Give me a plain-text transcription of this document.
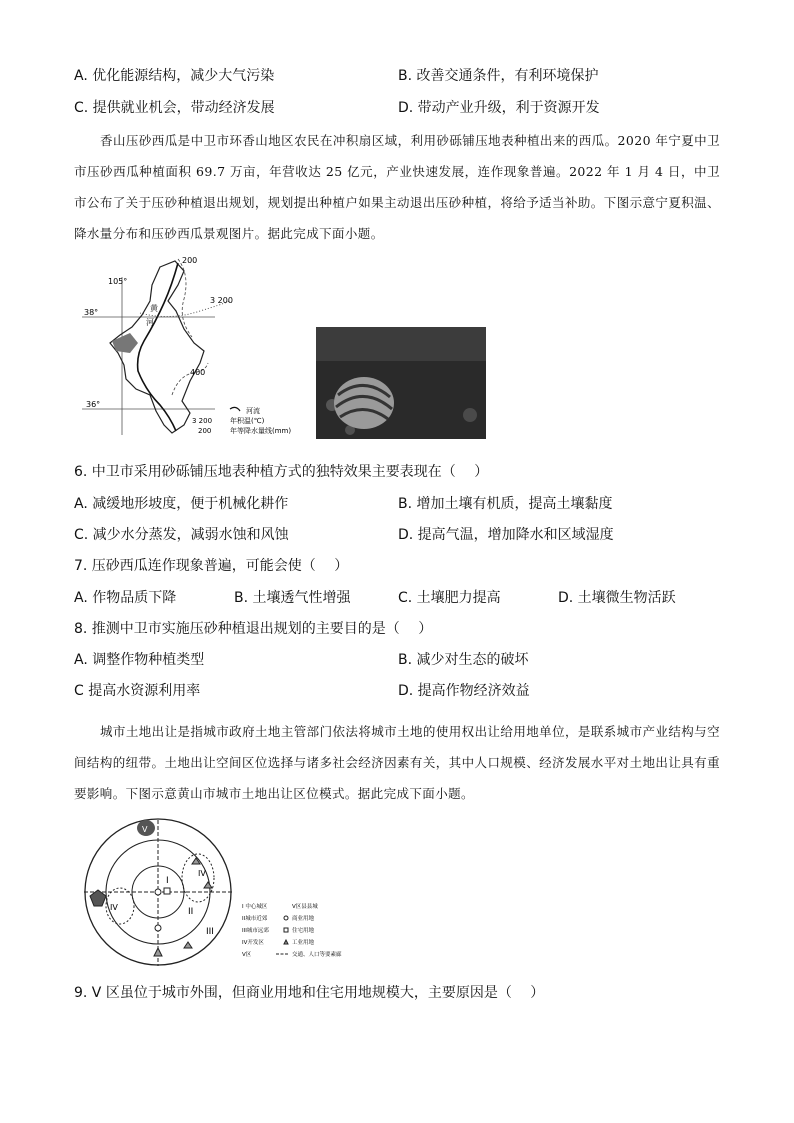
A. 优化能源结构，减少大气污染	B. 改善交通条件，有利环境保护
C. 提供就业机会，带动经济发展	D. 带动产业升级，利于资源开发

香山压砂西瓜是中卫市环香山地区农民在冲积扇区域，利用砂砾铺压地表种植出来的西瓜。2020 年宁夏中卫市压砂西瓜种植面积 69.7 万亩，年营收达 25 亿元，产业快速发展，连作现象普遍。2022 年 1 月 4 日，中卫市公布了关于压砂种植退出规划，规划提出种植户如果主动退出压砂种植，将给予适当补助。下图示意宁夏积温、降水量分布和压砂西瓜景观图片。据此完成下面小题。

105°
38°
36°
200
3 200
400
黄
河
河流
3 200	年积温(℃)
200	年等降水量线(mm)
6. 中卫市采用砂砾铺压地表种植方式的独特效果主要表现在（　 ）
A. 减缓地形坡度，便于机械化耕作	B. 增加土壤有机质，提高土壤黏度
C. 减少水分蒸发，减弱水蚀和风蚀	D. 提高气温，增加降水和区域湿度
7. 压砂西瓜连作现象普遍，可能会使（　 ）
A. 作物品质下降	B. 土壤透气性增强	C. 土壤肥力提高	D. 土壤微生物活跃
8. 推测中卫市实施压砂种植退出规划的主要目的是（　 ）
A. 调整作物种植类型	B. 减少对生态的破坏
C 提高水资源利用率	D. 提高作物经济效益

城市土地出让是指城市政府土地主管部门依法将城市土地的使用权出让给用地单位，是联系城市产业结构与空间结构的纽带。土地出让空间区位选择与诸多社会经济因素有关，其中人口规模、经济发展水平对土地出让具有重要影响。下图示意黄山市城市土地出让区位模式。据此完成下面小题。

I
II
III
V
IV
IV	I 中心城区	V区县县城
II城市近郊	商业用地
III城市远郊	住宅用地
IV开发区	工业用地
V区	交通、人口等要素廊
9. V 区虽位于城市外围，但商业用地和住宅用地规模大，主要原因是（　 ）
